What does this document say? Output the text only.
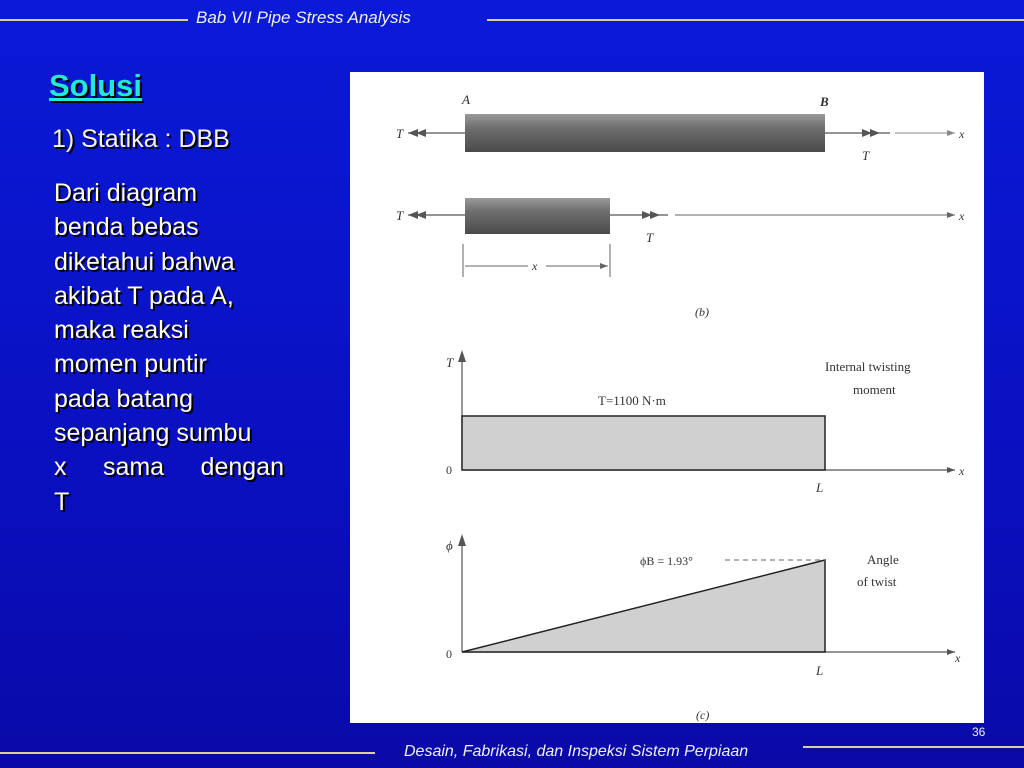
Bab VII Pipe Stress Analysis
Solusi
1) Statika : DBB
Dari diagram
benda bebas
diketahui bahwa
akibat T pada A,
maka reaksi
momen puntir
pada batang
sepanjang sumbu
x sama dengan
T
T
A	B
x
T
T	x
T
x
(b)
T
x
T=1100 N·m
Internal twisting
moment
0
L
ϕ
x
ϕB = 1.93°	Angle
of twist
0
L
(c)
36
Desain, Fabrikasi, dan Inspeksi Sistem Perpiaan
